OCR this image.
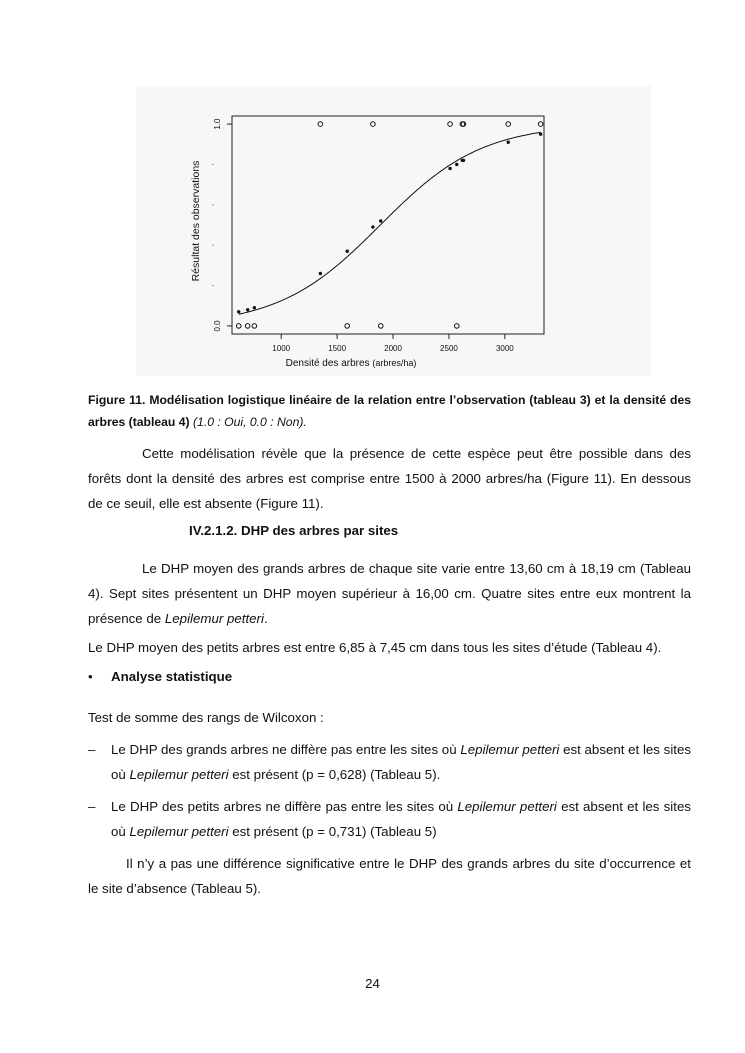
1000	1500	2000	2500	3000
0.0
1.0
Résultat des observations
Densité des arbres (arbres/ha)
Figure 11. Modélisation logistique linéaire de la relation entre l’observation (tableau 3) et la densité des arbres (tableau 4) (1.0 : Oui, 0.0 : Non).
Cette modélisation révèle que la présence de cette espèce peut être possible dans des forêts dont la densité des arbres est comprise entre 1500 à 2000 arbres/ha (Figure 11). En dessous de ce seuil, elle est absente (Figure 11).
IV.2.1.2. DHP des arbres par sites
Le DHP moyen des grands arbres de chaque site varie entre 13,60 cm à 18,19 cm (Tableau 4). Sept sites présentent un DHP moyen supérieur à 16,00 cm. Quatre sites entre eux montrent la présence de Lepilemur petteri.
Le DHP moyen des petits arbres est entre 6,85 à 7,45 cm dans tous les sites d’étude (Tableau 4).
• Analyse statistique
Test de somme des rangs de Wilcoxon :
– Le DHP des grands arbres ne diffère pas entre les sites où Lepilemur petteri est absent et les sites où Lepilemur petteri est présent (p = 0,628) (Tableau 5).
– Le DHP des petits arbres ne diffère pas entre les sites où Lepilemur petteri est absent et les sites où Lepilemur petteri est présent (p = 0,731) (Tableau 5)
Il n’y a pas une différence significative entre le DHP des grands arbres du site d’occurrence et le site d’absence (Tableau 5).
24
